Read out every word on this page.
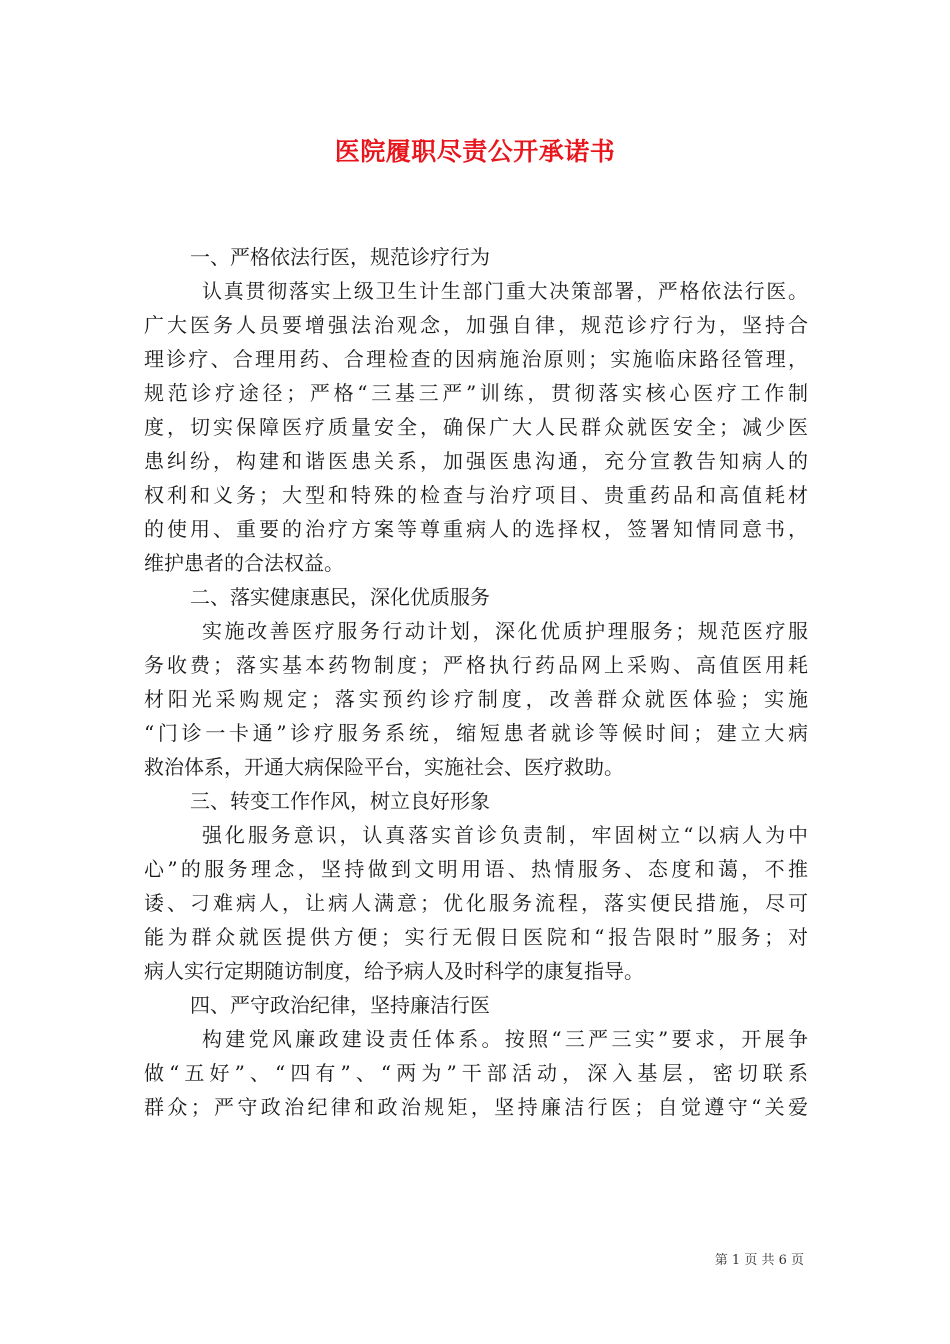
医院履职尽责公开承诺书

一、严格依法行医，规范诊疗行为

认真贯彻落实上级卫生计生部门重大决策部署，严格依法行医。
广大医务人员要增强法治观念，加强自律，规范诊疗行为，坚持合
理诊疗、合理用药、合理检查的因病施治原则；实施临床路径管理，
规范诊疗途径；严格“三基三严”训练，贯彻落实核心医疗工作制
度，切实保障医疗质量安全，确保广大人民群众就医安全；减少医
患纠纷，构建和谐医患关系，加强医患沟通，充分宣教告知病人的
权利和义务；大型和特殊的检查与治疗项目、贵重药品和高值耗材
的使用、重要的治疗方案等尊重病人的选择权，签署知情同意书，
维护患者的合法权益。

二、落实健康惠民，深化优质服务

实施改善医疗服务行动计划，深化优质护理服务；规范医疗服
务收费；落实基本药物制度；严格执行药品网上采购、高值医用耗
材阳光采购规定；落实预约诊疗制度，改善群众就医体验；实施
“门诊一卡通”诊疗服务系统，缩短患者就诊等候时间；建立大病
救治体系，开通大病保险平台，实施社会、医疗救助。

三、转变工作作风，树立良好形象

强化服务意识，认真落实首诊负责制，牢固树立“以病人为中
心”的服务理念，坚持做到文明用语、热情服务、态度和蔼，不推
诿、刁难病人，让病人满意；优化服务流程，落实便民措施，尽可
能为群众就医提供方便；实行无假日医院和“报告限时”服务；对
病人实行定期随访制度，给予病人及时科学的康复指导。

四、严守政治纪律，坚持廉洁行医

构建党风廉政建设责任体系。按照“三严三实”要求，开展争
做“五好”、“四有”、“两为”干部活动，深入基层，密切联系
群众；严守政治纪律和政治规矩，坚持廉洁行医；自觉遵守“关爱
第 1 页 共 6 页
